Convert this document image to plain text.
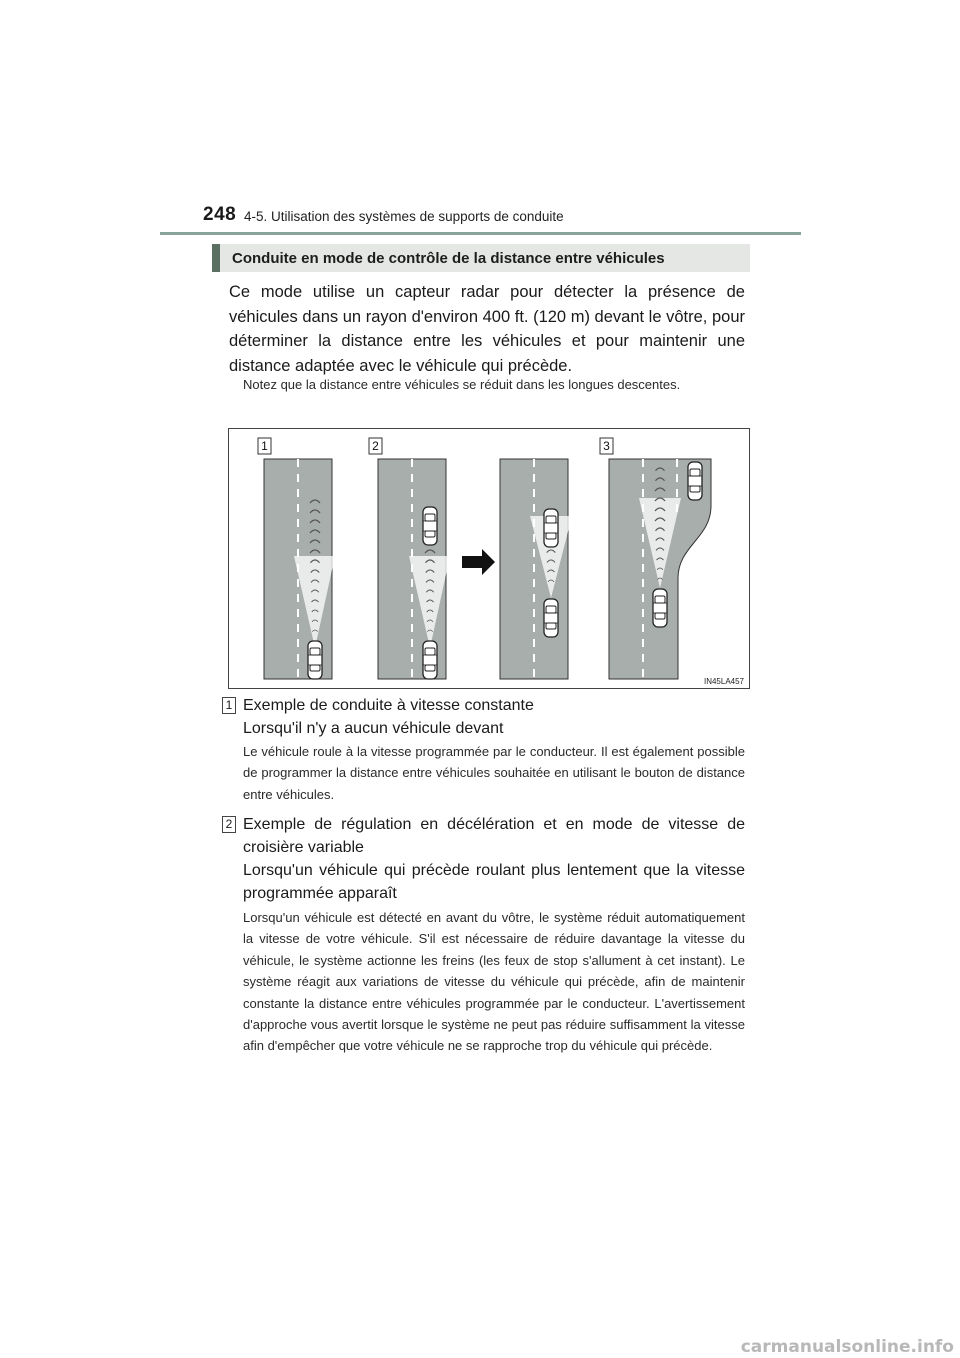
248 4-5. Utilisation des systèmes de supports de conduite
Conduite en mode de contrôle de la distance entre véhicules
Ce mode utilise un capteur radar pour détecter la présence de véhicules dans un rayon d'environ 400 ft. (120 m) devant le vôtre, pour déterminer la distance entre les véhicules et pour maintenir une distance adaptée avec le véhicule qui précède.
Notez que la distance entre véhicules se réduit dans les longues descentes.
1	2	3
IN45LA457
1 Exemple de conduite à vitesse constante
Lorsqu'il n'y a aucun véhicule devant
Le véhicule roule à la vitesse programmée par le conducteur. Il est également possible de programmer la distance entre véhicules souhaitée en utilisant le bouton de distance entre véhicules.
2 Exemple de régulation en décélération et en mode de vitesse de croisière variable
Lorsqu'un véhicule qui précède roulant plus lentement que la vitesse programmée apparaît
Lorsqu'un véhicule est détecté en avant du vôtre, le système réduit automatiquement la vitesse de votre véhicule. S'il est nécessaire de réduire davantage la vitesse du véhicule, le système actionne les freins (les feux de stop s'allument à cet instant). Le système réagit aux variations de vitesse du véhicule qui précède, afin de maintenir constante la distance entre véhicules programmée par le conducteur. L'avertissement d'approche vous avertit lorsque le système ne peut pas réduire suffisamment la vitesse afin d'empêcher que votre véhicule ne se rapproche trop du véhicule qui précède.
carmanualsonline.info
